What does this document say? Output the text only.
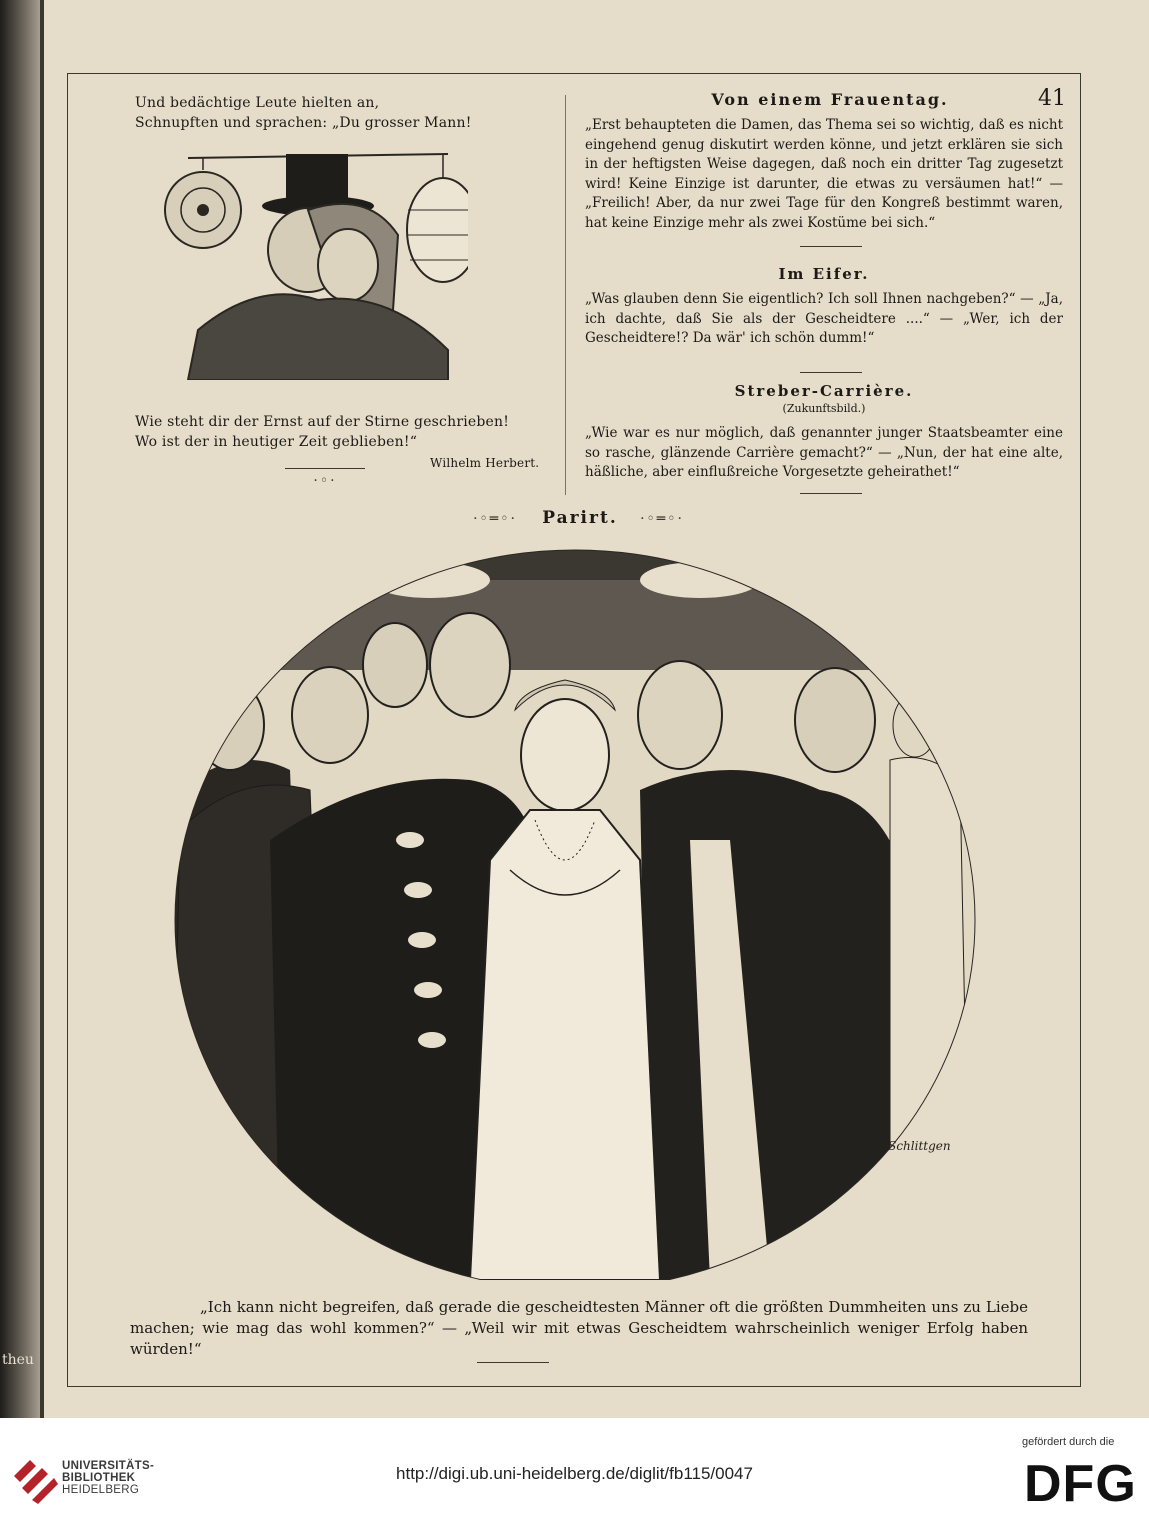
theu
Von einem Frauentag.	41
Und bedächtige Leute hielten an,
Schnupften und sprachen: „Du grosser Mann!
Wie steht dir der Ernst auf der Stirne geschrieben!
Wo ist der in heutiger Zeit geblieben!“
Wilhelm Herbert.
·◦·

„Erst behaupteten die Damen, das Thema sei so wichtig, daß es nicht eingehend genug diskutirt werden könne, und jetzt erklären sie sich in der heftigsten Weise dagegen, daß noch ein dritter Tag zugesetzt wird! Keine Einzige ist darunter, die etwas zu versäumen hat!“ — „Freilich! Aber, da nur zwei Tage für den Kongreß bestimmt waren, hat keine Einzige mehr als zwei Kostüme bei sich.“

Im Eifer.

„Was glauben denn Sie eigentlich? Ich soll Ihnen nachgeben?“ — „Ja, ich dachte, daß Sie als der Gescheidtere ....“ — „Wer, ich der Gescheidtere!? Da wär' ich schön dumm!“

Streber-Carrière.
(Zukunftsbild.)

„Wie war es nur möglich, daß genannter junger Staatsbeamter eine so rasche, glänzende Carrière gemacht?“ — „Nun, der hat eine alte, häßliche, aber einflußreiche Vorgesetzte geheirathet!“

·◦═◦·	Parirt.	·◦═◦·
H. Schlittgen

„Ich kann nicht begreifen, daß gerade die gescheidtesten Männer oft die größten Dummheiten uns zu Liebe machen; wie mag das wohl kommen?“ — „Weil wir mit etwas Gescheidtem wahrscheinlich weniger Erfolg haben würden!“

UNIVERSITÄTS-
BIBLIOTHEK
HEIDELBERG
http://digi.ub.uni-heidelberg.de/diglit/fb115/0047
gefördert durch die
DFG
